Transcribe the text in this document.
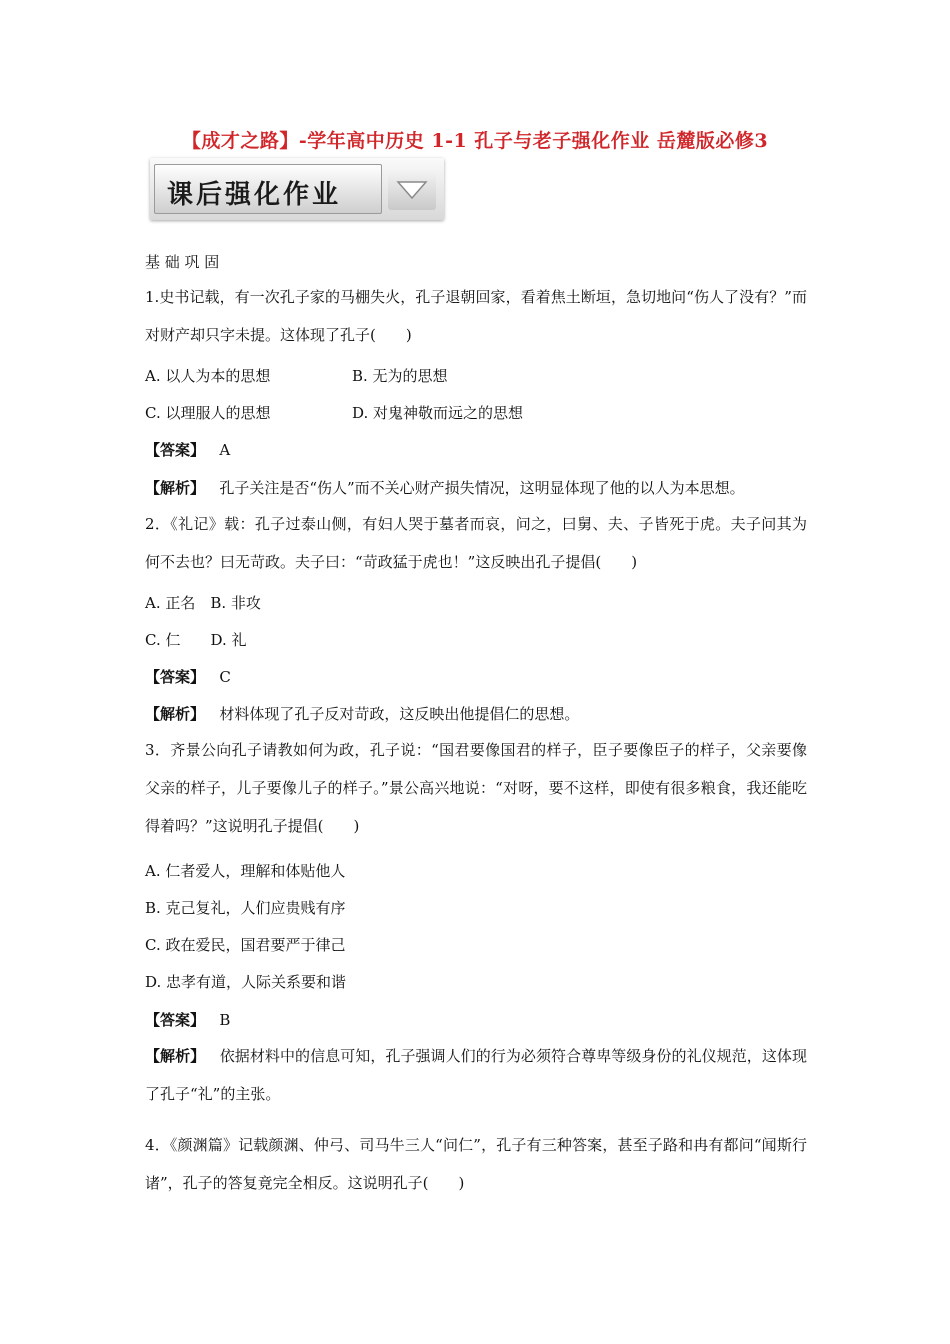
【成才之路】-学年高中历史 1-1 孔子与老子强化作业 岳麓版必修3
课后强化作业
基 础 巩 固
1.史书记载，有一次孔子家的马棚失火，孔子退朝回家，看着焦土断垣，急切地问“伤人了没有？”而对财产却只字未提。这体现了孔子(　　)
A. 以人为本的思想	B. 无为的思想
C. 以理服人的思想	D. 对鬼神敬而远之的思想
【答案】 A
【解析】 孔子关注是否“伤人”而不关心财产损失情况，这明显体现了他的以人为本思想。
2．《礼记》载：孔子过泰山侧，有妇人哭于墓者而哀，问之，曰舅、夫、子皆死于虎。夫子问其为何不去也？曰无苛政。夫子曰：“苛政猛于虎也！”这反映出孔子提倡(　　)
A. 正名　B. 非攻
C. 仁　　D. 礼
【答案】 C
【解析】 材料体现了孔子反对苛政，这反映出他提倡仁的思想。
3．齐景公向孔子请教如何为政，孔子说：“国君要像国君的样子，臣子要像臣子的样子，父亲要像父亲的样子，儿子要像儿子的样子。”景公高兴地说：“对呀，要不这样，即使有很多粮食，我还能吃得着吗？”这说明孔子提倡(　　)
A. 仁者爱人，理解和体贴他人
B. 克己复礼，人们应贵贱有序
C. 政在爱民，国君要严于律己
D. 忠孝有道，人际关系要和谐
【答案】 B
【解析】 依据材料中的信息可知，孔子强调人们的行为必须符合尊卑等级身份的礼仪规范，这体现了孔子“礼”的主张。
4．《颜渊篇》记载颜渊、仲弓、司马牛三人“问仁”，孔子有三种答案，甚至子路和冉有都问“闻斯行诸”，孔子的答复竟完全相反。这说明孔子(　　)
